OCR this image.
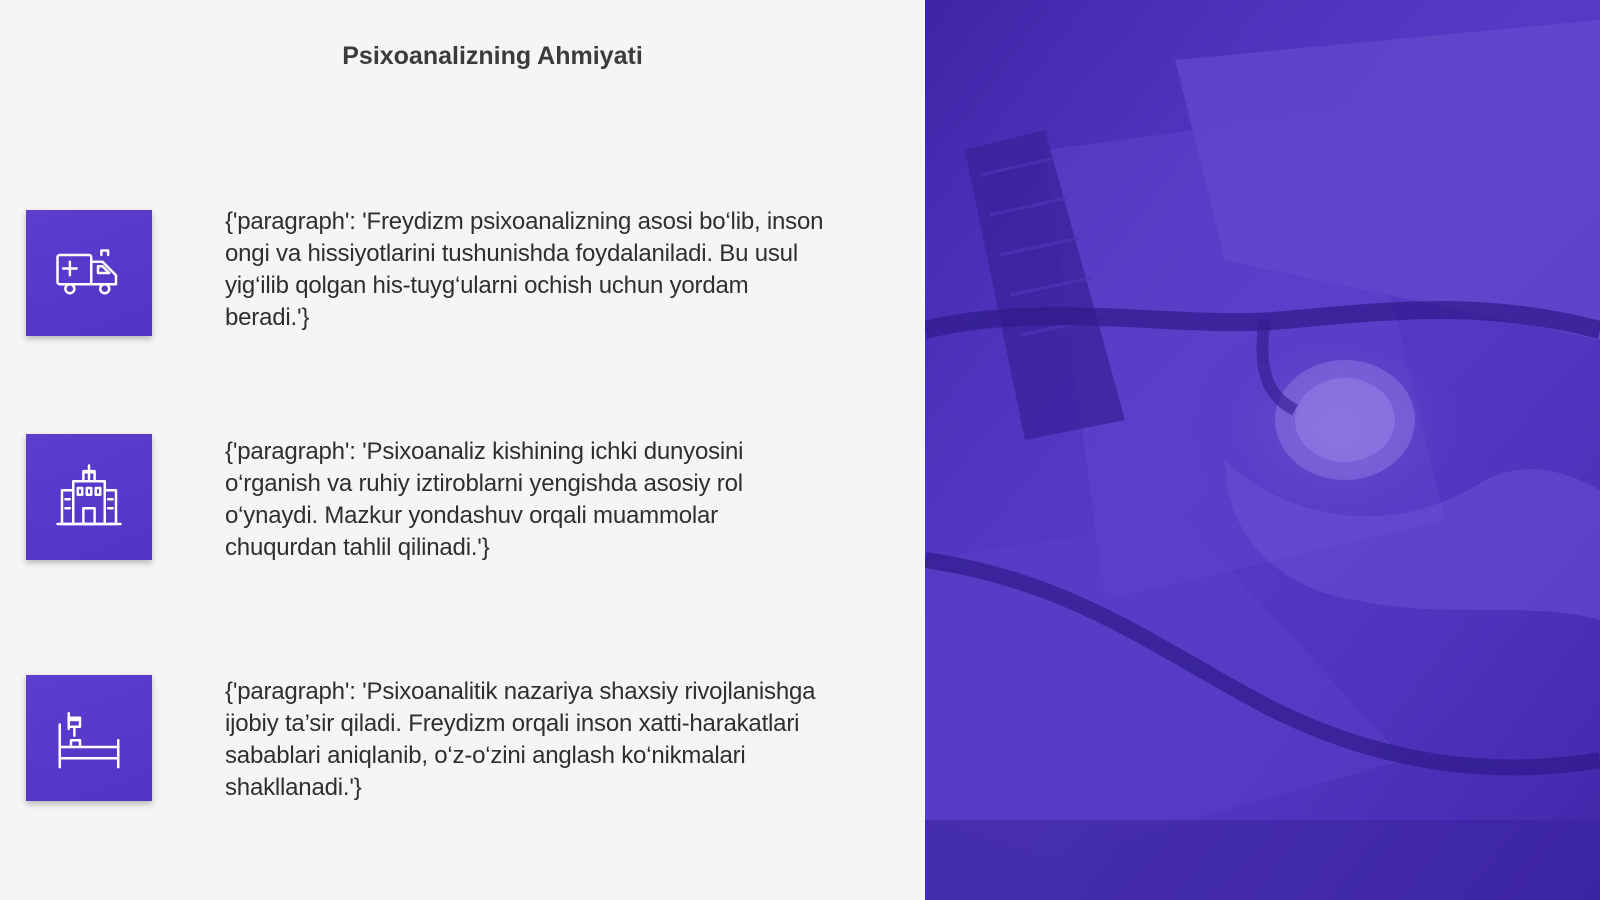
Psixoanalizning Ahmiyati
{'paragraph': 'Freydizm psixoanalizning asosi bo‘lib, inson ongi va hissiyotlarini tushunishda foydalaniladi. Bu usul yig‘ilib qolgan his-tuyg‘ularni ochish uchun yordam beradi.'}
{'paragraph': 'Psixoanaliz kishining ichki dunyosini o‘rganish va ruhiy iztiroblarni yengishda asosiy rol o‘ynaydi. Mazkur yondashuv orqali muammolar chuqurdan tahlil qilinadi.'}
{'paragraph': 'Psixoanalitik nazariya shaxsiy rivojlanishga ijobiy ta’sir qiladi. Freydizm orqali inson xatti-harakatlari sabablari aniqlanib, o‘z-o‘zini anglash ko‘nikmalari shakllanadi.'}
